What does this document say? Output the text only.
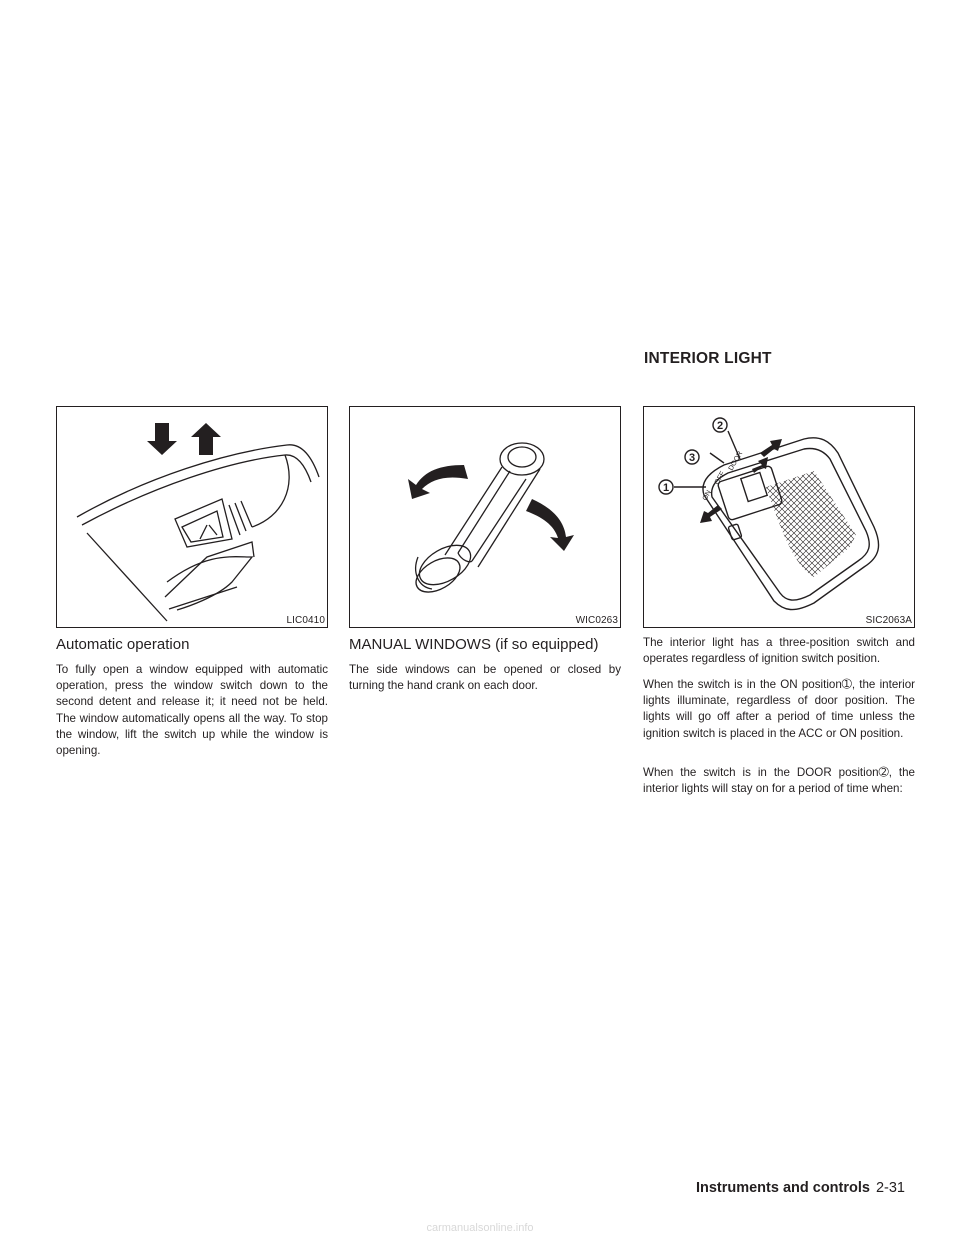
INTERIOR LIGHT
LIC0410	WIC0263
ON
OFF
DOOR
1
2
3
SIC2063A
Automatic operation

To fully open a window equipped with automatic operation, press the window switch down to the second detent and release it; it need not be held. The window automatically opens all the way. To stop the window, lift the switch up while the window is opening.

MANUAL WINDOWS (if so equipped)

The side windows can be opened or closed by turning the hand crank on each door.

The interior light has a three-position switch and operates regardless of ignition switch position.

When the switch is in the ON position➀, the interior lights illuminate, regardless of door position. The lights will go off after a period of time unless the ignition switch is placed in the ACC or ON position.

When the switch is in the DOOR position➁, the interior lights will stay on for a period of time when:

Instruments and controls 2-31
carmanualsonline.info
